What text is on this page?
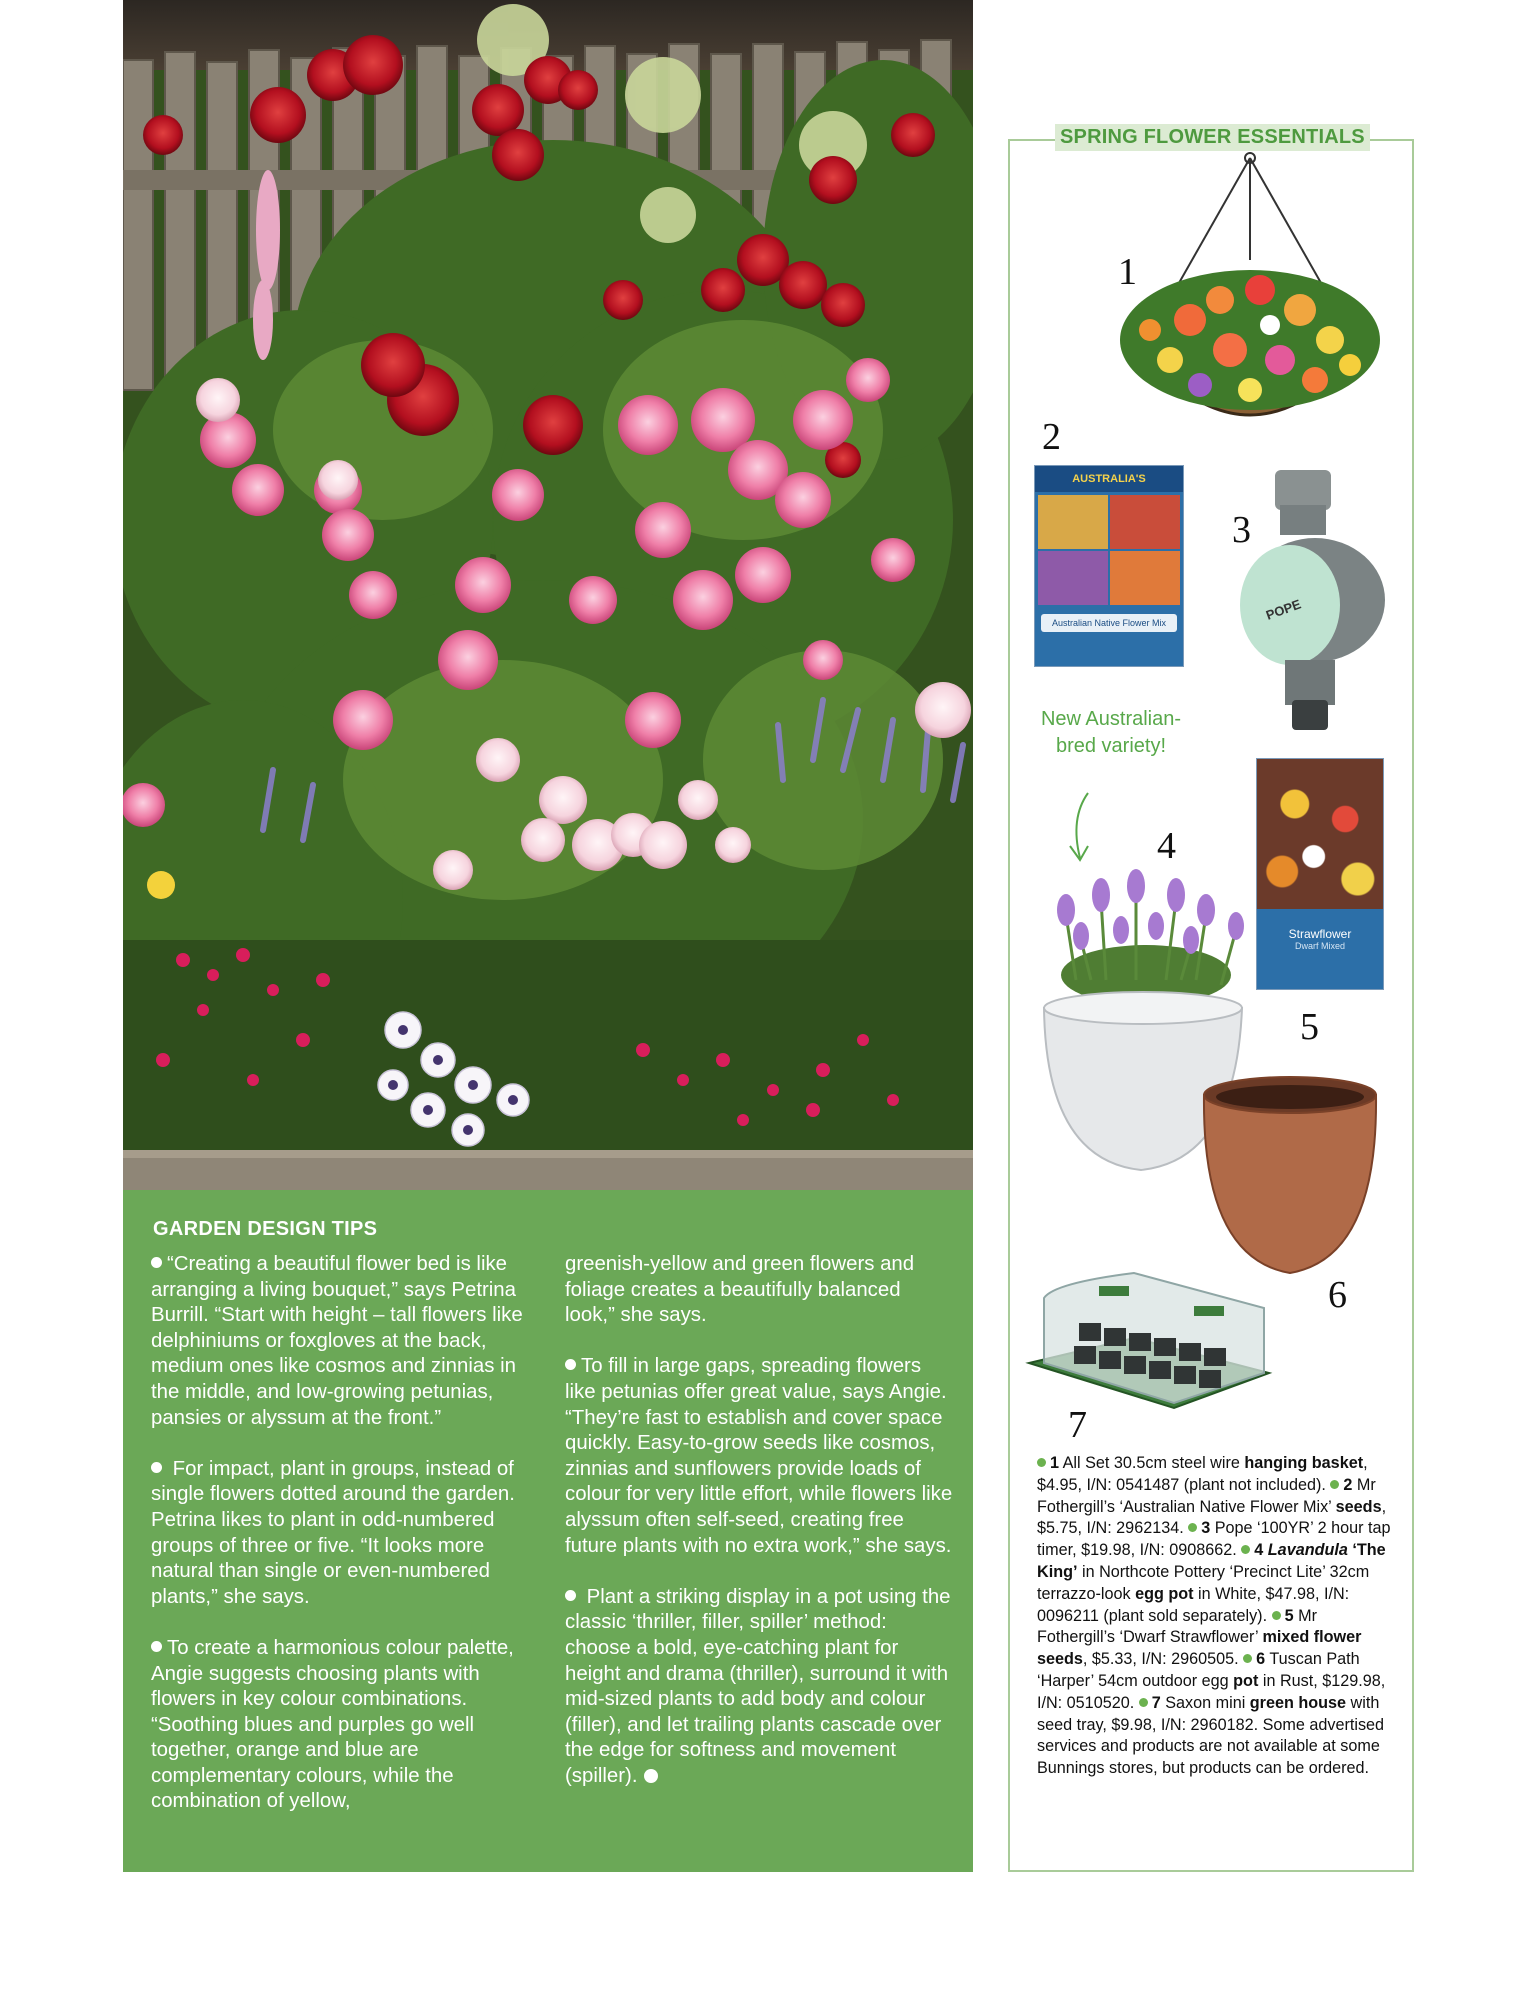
GARDEN DESIGN TIPS

“Creating a beautiful flower bed is like arranging a living bouquet,” says Petrina Burrill. “Start with height – tall flowers like delphiniums or foxgloves at the back, medium ones like cosmos and zinnias in the middle, and low-growing petunias, pansies or alyssum at the front.”

For impact, plant in groups, instead of single flowers dotted around the garden. Petrina likes to plant in odd-numbered groups of three or five. “It looks more natural than single or even-numbered plants,” she says.

To create a harmonious colour palette, Angie suggests choosing plants with flowers in key colour combinations. “Soothing blues and purples go well together, orange and blue are complementary colours, while the combination of yellow,

greenish-yellow and green flowers and foliage creates a beautifully balanced look,” she says.

To fill in large gaps, spreading flowers like petunias offer great value, says Angie. “They’re fast to establish and cover space quickly. Easy-to-grow seeds like cosmos, zinnias and sunflowers provide loads of colour for very little effort, while flowers like alyssum often self-seed, creating free future plants with no extra work,” she says.

Plant a striking display in a pot using the classic ‘thriller, filler, spiller’ method: choose a bold, eye-catching plant for height and drama (thriller), surround it with mid-sized plants to add body and colour (filler), and let trailing plants cascade over the edge for softness and movement (spiller).

SPRING FLOWER ESSENTIALS
1
2
3
4
5
6
7
AUSTRALIA'S
Australian Native Flower Mix
POPE
New Australian-bred variety!
Strawflower
Dwarf Mixed
1 All Set 30.5cm steel wire hanging basket, $4.95, I/N: 0541487 (plant not included). 2 Mr Fothergill’s ‘Australian Native Flower Mix’ seeds, $5.75, I/N: 2962134. 3 Pope ‘100YR’ 2 hour tap timer, $19.98, I/N: 0908662. 4 Lavandula ‘The King’ in Northcote Pottery ‘Precinct Lite’ 32cm terrazzo-look egg pot in White, $47.98, I/N: 0096211 (plant sold separately). 5 Mr Fothergill’s ‘Dwarf Strawflower’ mixed flower seeds, $5.33, I/N: 2960505. 6 Tuscan Path ‘Harper’ 54cm outdoor egg pot in Rust, $129.98, I/N: 0510520. 7 Saxon mini green house with seed tray, $9.98, I/N: 2960182. Some advertised services and products are not available at some Bunnings stores, but products can be ordered.
